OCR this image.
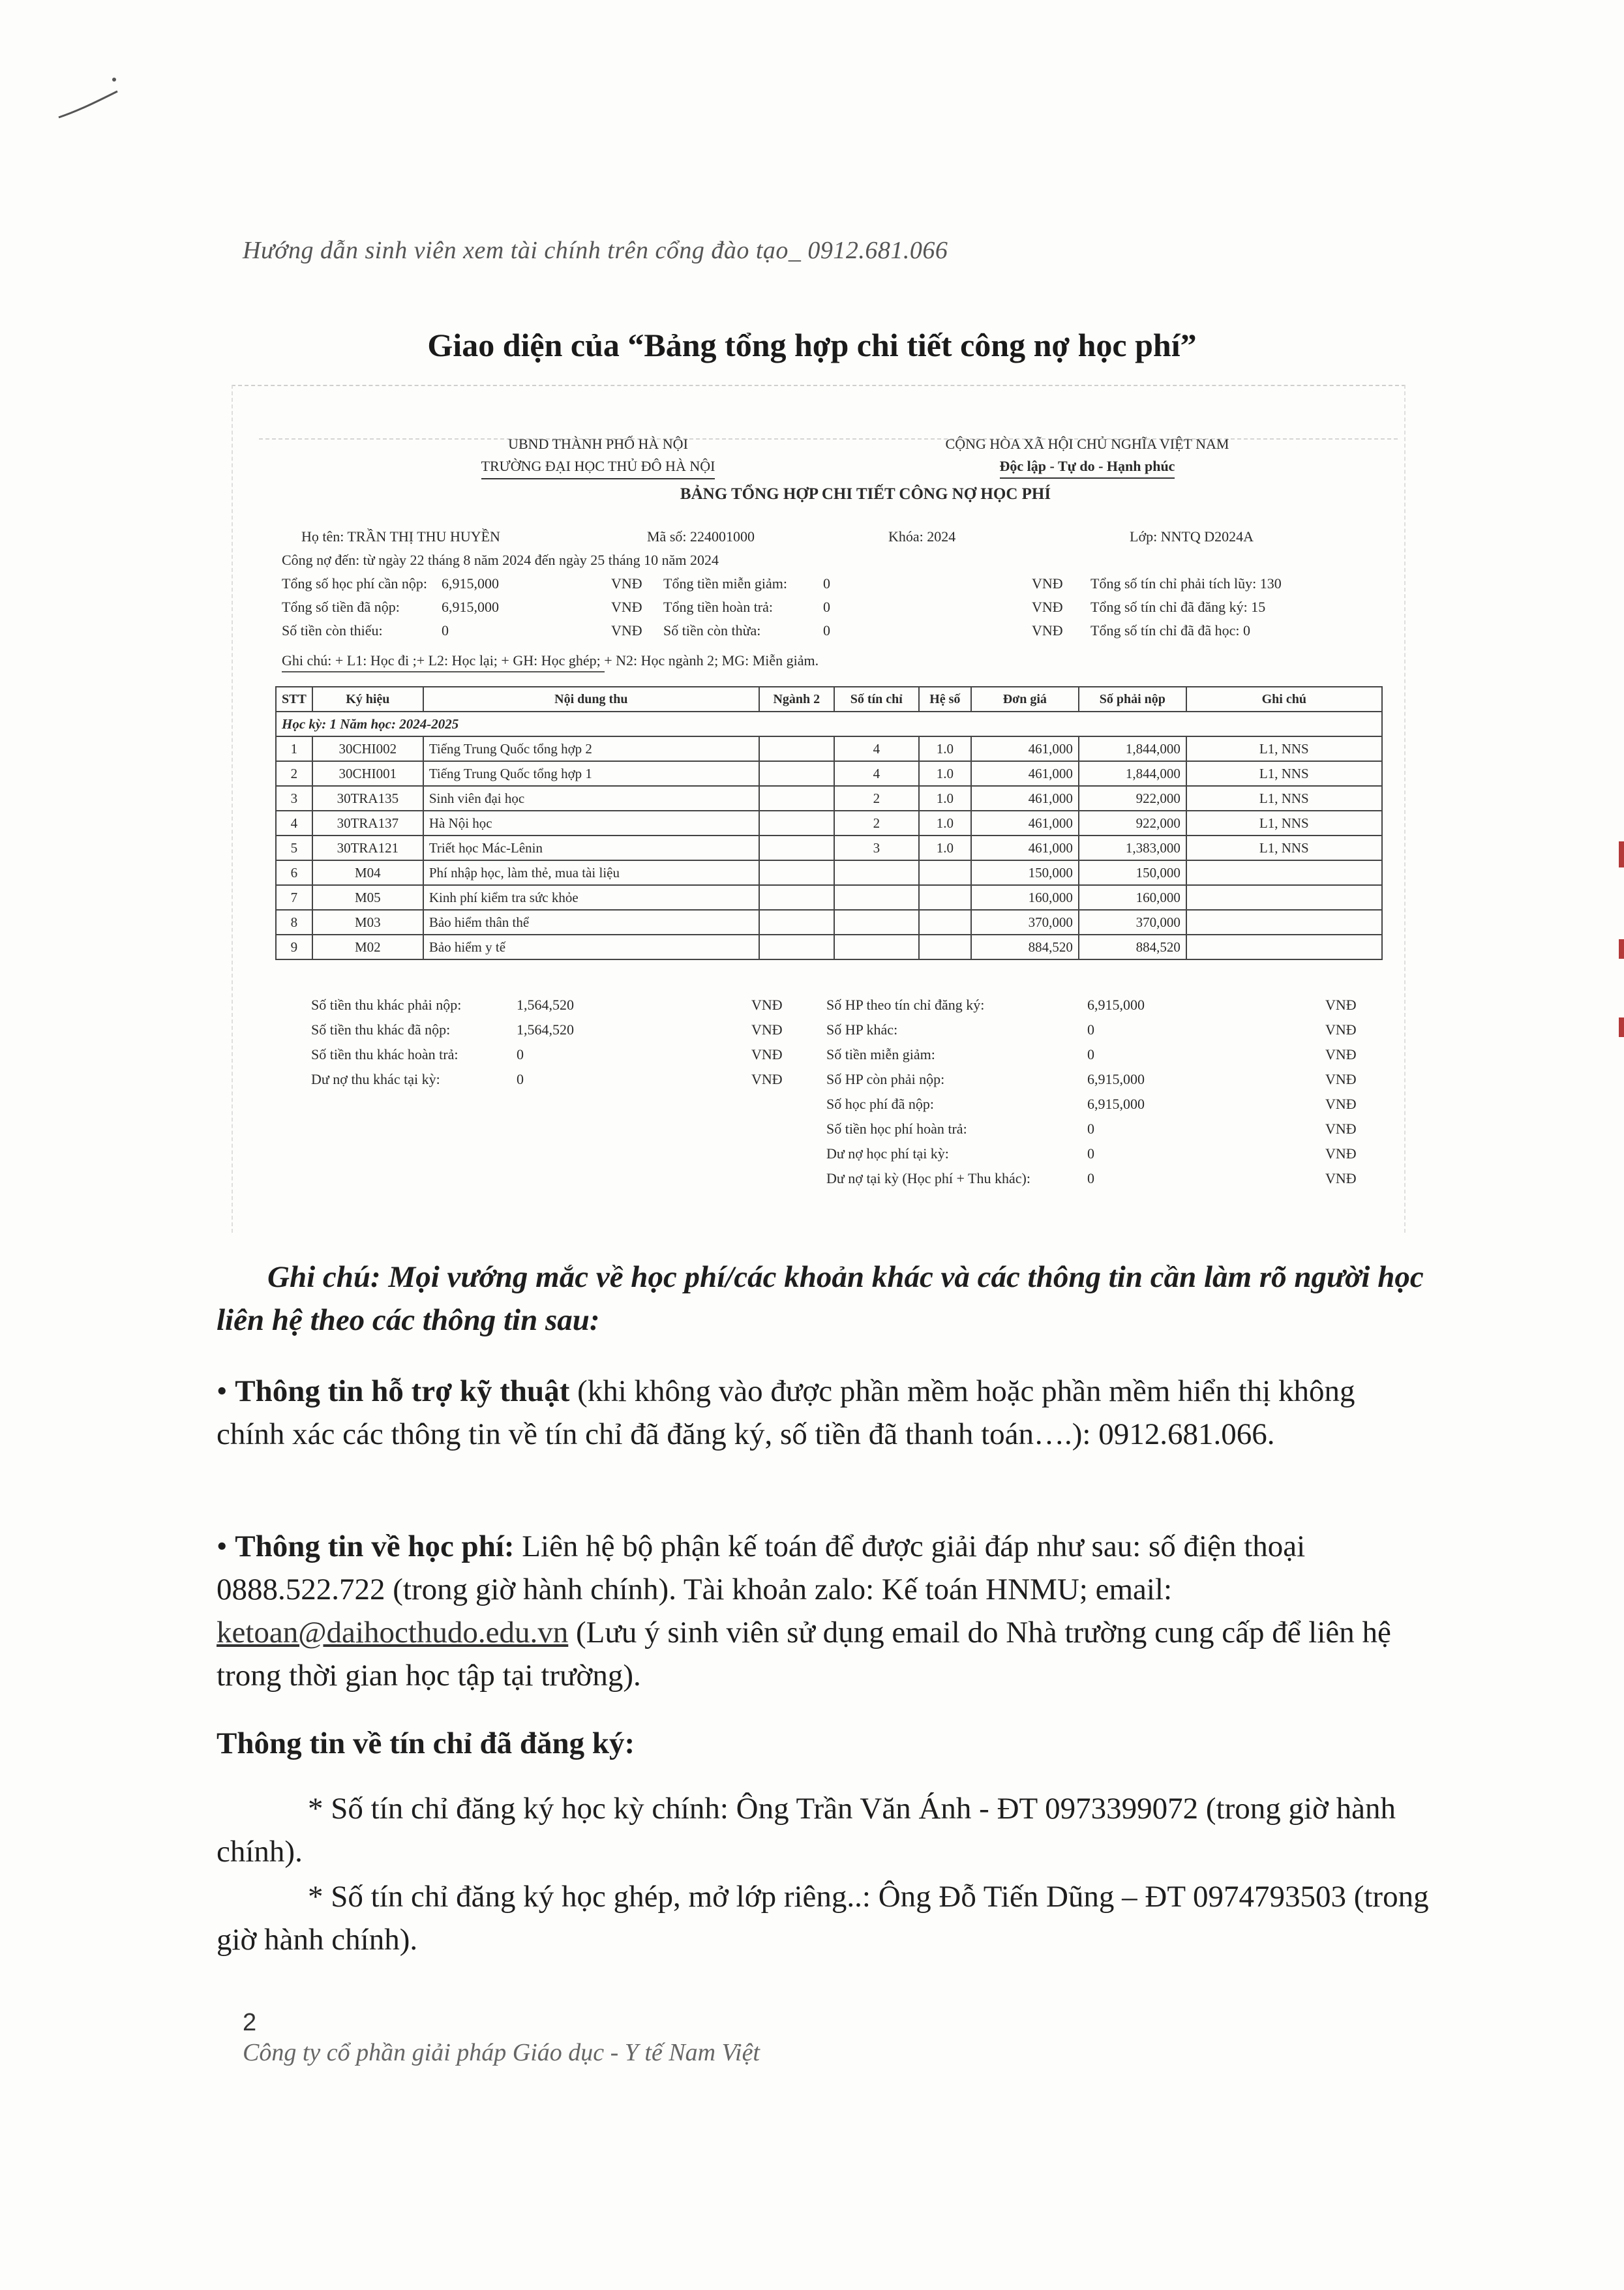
Hướng dẫn sinh viên xem tài chính trên cổng đào tạo_ 0912.681.066
Giao diện của “Bảng tổng hợp chi tiết công nợ học phí”
UBND THÀNH PHỐ HÀ NỘI
TRƯỜNG ĐẠI HỌC THỦ ĐÔ HÀ NỘI
CỘNG HÒA XÃ HỘI CHỦ NGHĨA VIỆT NAM
Độc lập - Tự do - Hạnh phúc
BẢNG TỔNG HỢP CHI TIẾT CÔNG NỢ HỌC PHÍ
Họ tên: TRẦN THỊ THU HUYỀN	Mã số: 224001000	Khóa: 2024	Lớp: NNTQ D2024A
Công nợ đến: từ ngày 22 tháng 8 năm 2024 đến ngày 25 tháng 10 năm 2024
Tổng số học phí cần nộp: 6,915,000	VNĐ Tổng tiền miễn giảm: 0	VNĐ Tổng số tín chỉ phải tích lũy: 130
Tổng số tiền đã nộp:	6,915,000	VNĐ Tổng tiền hoàn trả:	0	VNĐ Tổng số tín chỉ đã đăng ký: 15
Số tiền còn thiếu:	0	VNĐ Số tiền còn thừa:	0	VNĐ Tổng số tín chỉ đã đã học: 0
Ghi chú: + L1: Học đi ;+ L2: Học lại; + GH: Học ghép; + N2: Học ngành 2; MG: Miễn giảm.
STT	Ký hiệu	Nội dung thu	Ngành 2	Số tín chỉ	Hệ số	Đơn giá	Số phải nộp	Ghi chú
Học kỳ: 1 Năm học: 2024-2025								
1	30CHI002	Tiếng Trung Quốc tổng hợp 2		4	1.0	461,000	1,844,000	L1, NNS
2	30CHI001	Tiếng Trung Quốc tổng hợp 1		4	1.0	461,000	1,844,000	L1, NNS
3	30TRA135	Sinh viên đại học		2	1.0	461,000	922,000	L1, NNS
4	30TRA137	Hà Nội học		2	1.0	461,000	922,000	L1, NNS
5	30TRA121	Triết học Mác-Lênin		3	1.0	461,000	1,383,000	L1, NNS
6	M04	Phí nhập học, làm thẻ, mua tài liệu				150,000	150,000	
7	M05	Kinh phí kiểm tra sức khỏe				160,000	160,000	
8	M03	Bảo hiểm thân thể				370,000	370,000	
9	M02	Bảo hiểm y tế				884,520	884,520	
Số tiền thu khác phải nộp:	1,564,520	VNĐ
Số tiền thu khác đã nộp:	1,564,520	VNĐ
Số tiền thu khác hoàn trả:	0	VNĐ
Dư nợ thu khác tại kỳ:	0	VNĐ
Số HP theo tín chỉ đăng ký:	6,915,000	VNĐ
Số HP khác:	0	VNĐ
Số tiền miễn giảm:	0	VNĐ
Số HP còn phải nộp:	6,915,000	VNĐ
Số học phí đã nộp:	6,915,000	VNĐ
Số tiền học phí hoàn trả:	0	VNĐ
Dư nợ học phí tại kỳ:	0	VNĐ
Dư nợ tại kỳ (Học phí + Thu khác):	0	VNĐ
Ghi chú: Mọi vướng mắc về học phí/các khoản khác và các thông tin cần làm rõ người học liên hệ theo các thông tin sau:
• Thông tin hỗ trợ kỹ thuật (khi không vào được phần mềm hoặc phần mềm hiển thị không chính xác các thông tin về tín chỉ đã đăng ký, số tiền đã thanh toán….): 0912.681.066.
• Thông tin về học phí: Liên hệ bộ phận kế toán để được giải đáp như sau: số điện thoại 0888.522.722 (trong giờ hành chính). Tài khoản zalo: Kế toán HNMU; email: ketoan@daihocthudo.edu.vn (Lưu ý sinh viên sử dụng email do Nhà trường cung cấp để liên hệ trong thời gian học tập tại trường).
Thông tin về tín chỉ đã đăng ký:
* Số tín chỉ đăng ký học kỳ chính: Ông Trần Văn Ánh - ĐT 0973399072 (trong giờ hành chính).
* Số tín chỉ đăng ký học ghép, mở lớp riêng..: Ông Đỗ Tiến Dũng – ĐT 0974793503 (trong giờ hành chính).
2
Công ty cổ phần giải pháp Giáo dục - Y tế Nam Việt
